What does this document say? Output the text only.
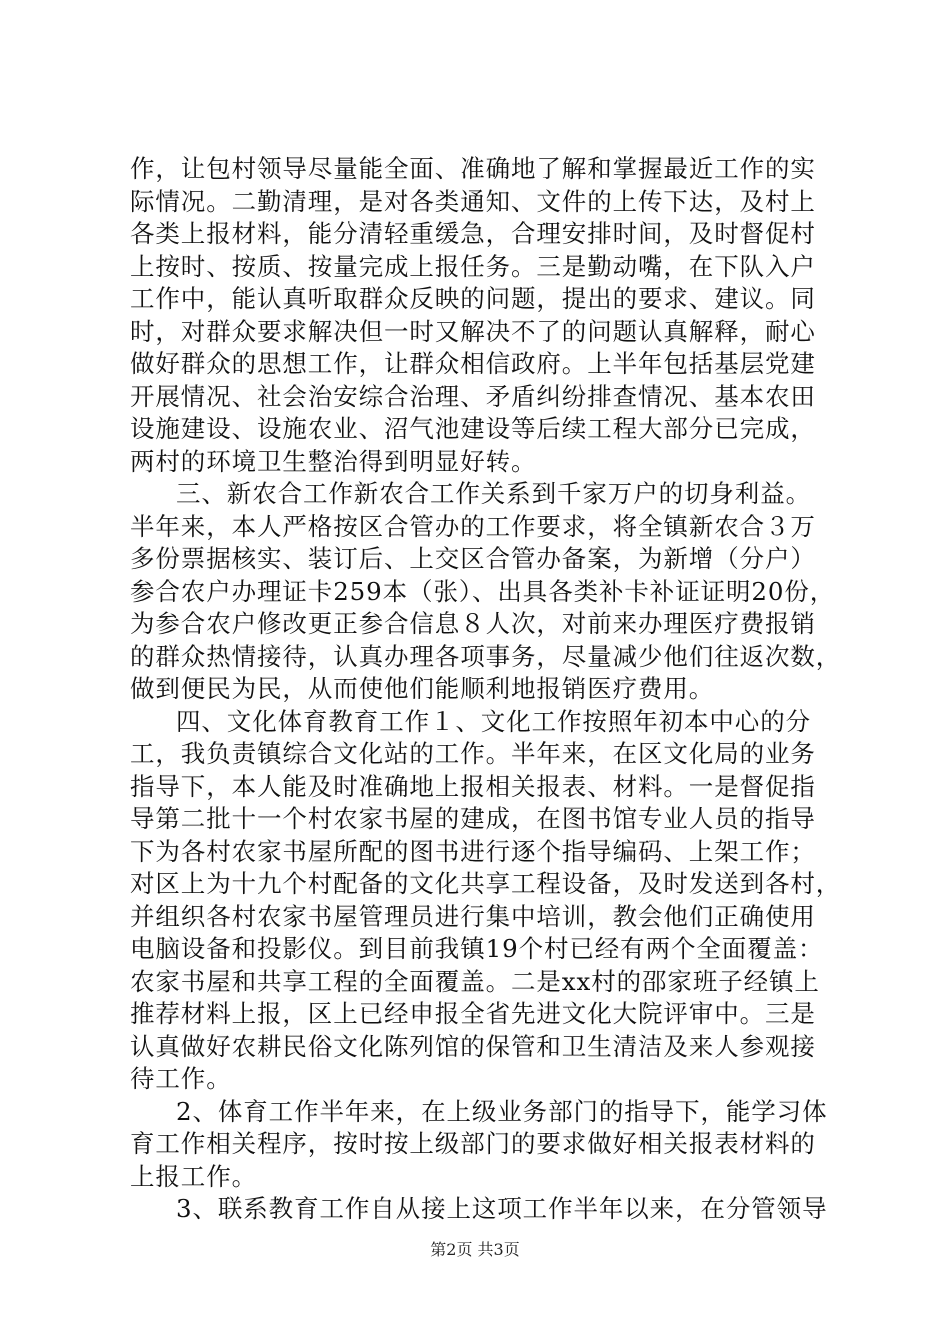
作，让包村领导尽量能全面、准确地了解和掌握最近工作的实
际情况。二勤清理，是对各类通知、文件的上传下达，及村上
各类上报材料，能分清轻重缓急，合理安排时间，及时督促村
上按时、按质、按量完成上报任务。三是勤动嘴，在下队入户
工作中，能认真听取群众反映的问题，提出的要求、建议。同
时，对群众要求解决但一时又解决不了的问题认真解释，耐心
做好群众的思想工作，让群众相信政府。上半年包括基层党建
开展情况、社会治安综合治理、矛盾纠纷排查情况、基本农田
设施建设、设施农业、沼气池建设等后续工程大部分已完成，
两村的环境卫生整治得到明显好转。
三、新农合工作新农合工作关系到千家万户的切身利益。
半年来，本人严格按区合管办的工作要求，将全镇新农合３万
多份票据核实、装订后、上交区合管办备案，为新增（分户）
参合农户办理证卡259本（张）、出具各类补卡补证证明20份，
为参合农户修改更正参合信息８人次，对前来办理医疗费报销
的群众热情接待，认真办理各项事务，尽量减少他们往返次数，
做到便民为民，从而使他们能顺利地报销医疗费用。
四、文化体育教育工作１、文化工作按照年初本中心的分
工，我负责镇综合文化站的工作。半年来，在区文化局的业务
指导下，本人能及时准确地上报相关报表、材料。一是督促指
导第二批十一个村农家书屋的建成，在图书馆专业人员的指导
下为各村农家书屋所配的图书进行逐个指导编码、上架工作；
对区上为十九个村配备的文化共享工程设备，及时发送到各村，
并组织各村农家书屋管理员进行集中培训，教会他们正确使用
电脑设备和投影仪。到目前我镇19个村已经有两个全面覆盖：
农家书屋和共享工程的全面覆盖。二是xx村的邵家班子经镇上
推荐材料上报，区上已经申报全省先进文化大院评审中。三是
认真做好农耕民俗文化陈列馆的保管和卫生清洁及来人参观接
待工作。
2、体育工作半年来，在上级业务部门的指导下，能学习体
育工作相关程序，按时按上级部门的要求做好相关报表材料的
上报工作。
3、联系教育工作自从接上这项工作半年以来，在分管领导
第2页 共3页
